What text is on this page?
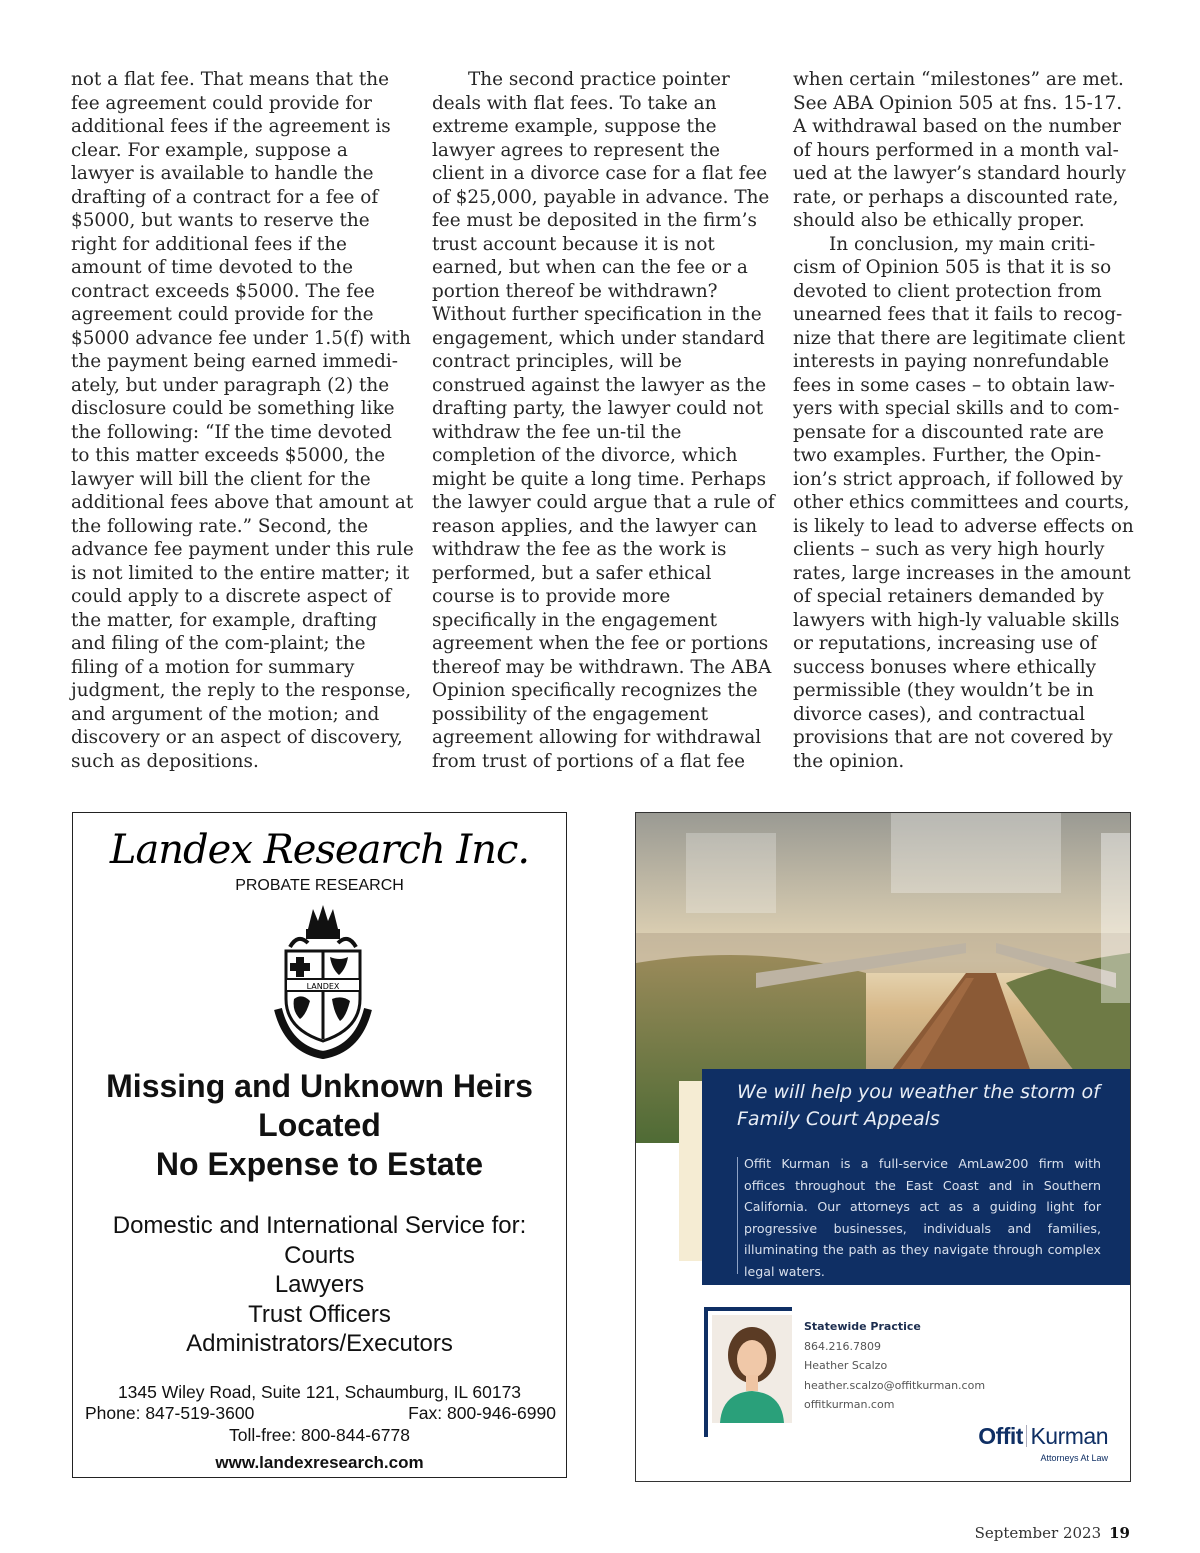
not a flat fee. That means that the fee agreement could provide for additional fees if the agreement is clear. For example, suppose a lawyer is available to handle the drafting of a contract for a fee of $5000, but wants to reserve the right for additional fees if the amount of time devoted to the contract exceeds $5000. The fee agreement could provide for the $5000 advance fee under 1.5(f) with the payment being earned immedi-ately, but under paragraph (2) the disclosure could be something like the following: “If the time devoted to this matter exceeds $5000, the lawyer will bill the client for the additional fees above that amount at the following rate.” Second, the advance fee payment under this rule is not limited to the entire matter; it could apply to a discrete aspect of the matter, for example, drafting and filing of the com-plaint; the filing of a motion for summary judgment, the reply to the response, and argument of the motion; and discovery or an aspect of discovery, such as depositions.

The second practice pointer deals with flat fees. To take an extreme example, suppose the lawyer agrees to represent the client in a divorce case for a flat fee of $25,000, payable in advance. The fee must be deposited in the firm’s trust account because it is not earned, but when can the fee or a portion thereof be withdrawn? Without further specification in the engagement, which under standard contract principles, will be construed against the lawyer as the drafting party, the lawyer could not withdraw the fee un-til the completion of the divorce, which might be quite a long time. Perhaps the lawyer could argue that a rule of reason applies, and the lawyer can withdraw the fee as the work is performed, but a safer ethical course is to provide more specifically in the engagement agreement when the fee or portions thereof may be withdrawn. The ABA Opinion specifically recognizes the possibility of the engagement agreement allowing for withdrawal from trust of portions of a flat fee

when certain “milestones” are met. See ABA Opinion 505 at fns. 15-17. A withdrawal based on the number of hours performed in a month val-ued at the lawyer’s standard hourly rate, or perhaps a discounted rate, should also be ethically proper.

In conclusion, my main criti-cism of Opinion 505 is that it is so devoted to client protection from unearned fees that it fails to recog-nize that there are legitimate client interests in paying nonrefundable fees in some cases – to obtain law-yers with special skills and to com-pensate for a discounted rate are two examples. Further, the Opin-ion’s strict approach, if followed by other ethics committees and courts, is likely to lead to adverse effects on clients – such as very high hourly rates, large increases in the amount of special retainers demanded by lawyers with high-ly valuable skills or reputations, increasing use of success bonuses where ethically permissible (they wouldn’t be in divorce cases), and contractual provisions that are not covered by the opinion.

Landex Research Inc.
PROBATE RESEARCH
LANDEX
Missing and Unknown Heirs
Located
No Expense to Estate
Domestic and International Service for:
Courts
Lawyers
Trust Officers
Administrators/Executors
1345 Wiley Road, Suite 121, Schaumburg, IL 60173
Phone: 847-519-3600	Fax: 800-946-6990
Toll-free: 800-844-6778
www.landexresearch.com
We will help you weather the storm of Family Court Appeals
Offit Kurman is a full-service AmLaw200 firm with offices throughout the East Coast and in Southern California. Our attorneys act as a guiding light for progressive businesses, individuals and families, illuminating the path as they navigate through complex legal waters.
Statewide Practice
864.216.7809
Heather Scalzo
heather.scalzo@offitkurman.com
offitkurman.com
Offit Kurman
Attorneys At Law
September 2023 19
